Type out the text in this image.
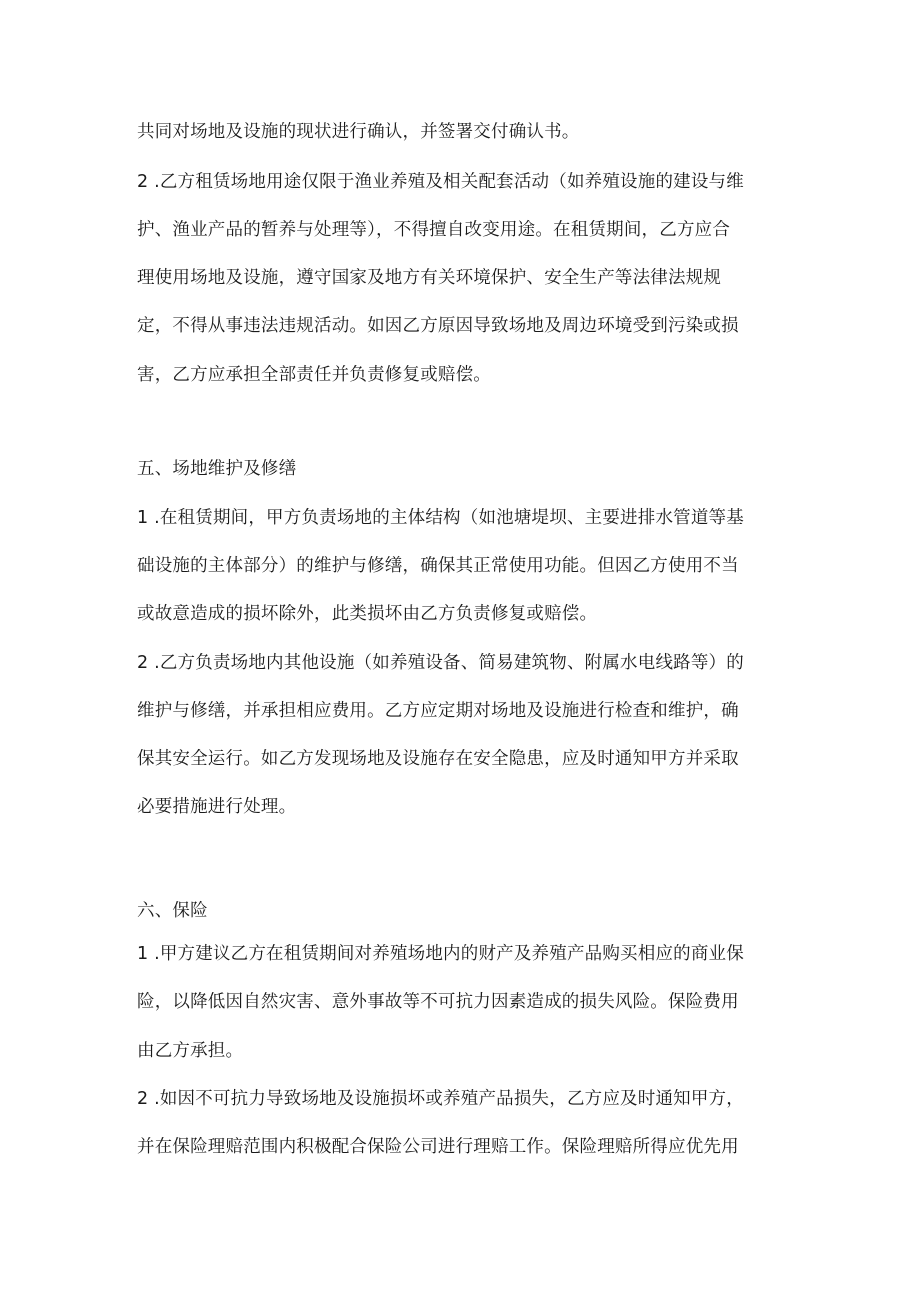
共同对场地及设施的现状进行确认，并签署交付确认书。
2 .乙方租赁场地用途仅限于渔业养殖及相关配套活动（如养殖设施的建设与维
护、渔业产品的暂养与处理等），不得擅自改变用途。在租赁期间，乙方应合
理使用场地及设施，遵守国家及地方有关环境保护、安全生产等法律法规规
定，不得从事违法违规活动。如因乙方原因导致场地及周边环境受到污染或损
害，乙方应承担全部责任并负责修复或赔偿。
五、场地维护及修缮
1 .在租赁期间，甲方负责场地的主体结构（如池塘堤坝、主要进排水管道等基
础设施的主体部分）的维护与修缮，确保其正常使用功能。但因乙方使用不当
或故意造成的损坏除外，此类损坏由乙方负责修复或赔偿。
2 .乙方负责场地内其他设施（如养殖设备、简易建筑物、附属水电线路等）的
维护与修缮，并承担相应费用。乙方应定期对场地及设施进行检查和维护，确
保其安全运行。如乙方发现场地及设施存在安全隐患，应及时通知甲方并采取
必要措施进行处理。
六、保险
1 .甲方建议乙方在租赁期间对养殖场地内的财产及养殖产品购买相应的商业保
险，以降低因自然灾害、意外事故等不可抗力因素造成的损失风险。保险费用
由乙方承担。
2 .如因不可抗力导致场地及设施损坏或养殖产品损失，乙方应及时通知甲方，
并在保险理赔范围内积极配合保险公司进行理赔工作。保险理赔所得应优先用
